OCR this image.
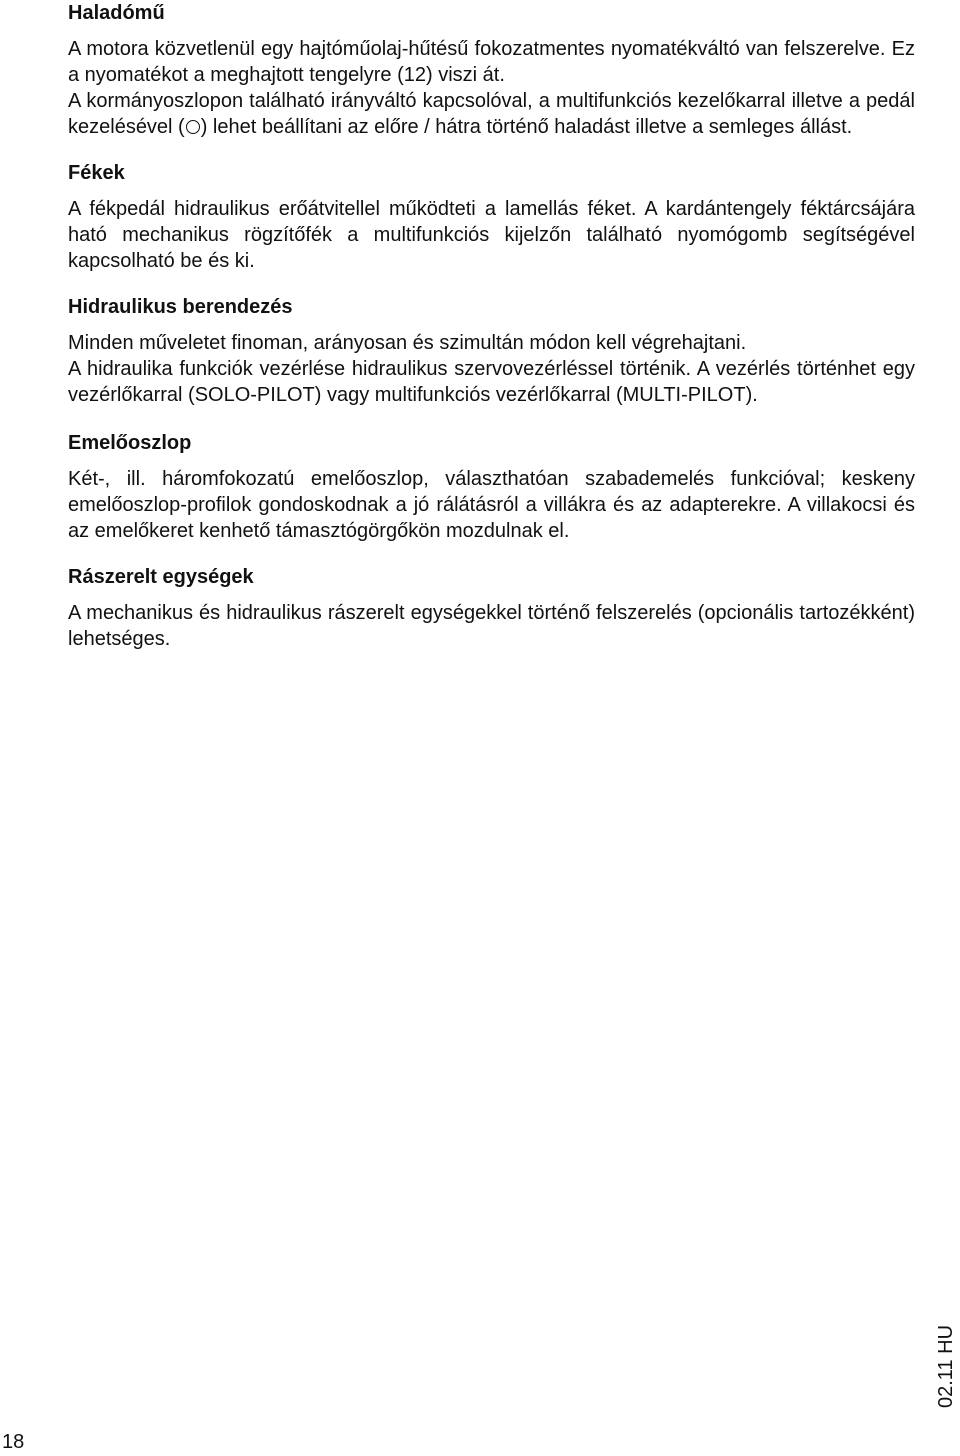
Haladómű

A motora közvetlenül egy hajtóműolaj-hűtésű fokozatmentes nyomatékváltó van felszerelve. Ez a nyomatékot a meghajtott tengelyre (12) viszi át.

A kormányoszlopon található irányváltó kapcsolóval, a multifunkciós kezelőkarral illetve a pedál kezelésével ( ) lehet beállítani az előre / hátra történő haladást illetve a semleges állást.

Fékek

A fékpedál hidraulikus erőátvitellel működteti a lamellás féket. A kardántengely féktárcsájára ható mechanikus rögzítőfék a multifunkciós kijelzőn található nyomógomb segítségével kapcsolható be és ki.

Hidraulikus berendezés

Minden műveletet finoman, arányosan és szimultán módon kell végrehajtani.

A hidraulika funkciók vezérlése hidraulikus szervovezérléssel történik. A vezérlés történhet egy vezérlőkarral (SOLO-PILOT) vagy multifunkciós vezérlőkarral (MULTI-PILOT).

Emelőoszlop

Két-, ill. háromfokozatú emelőoszlop, választhatóan szabademelés funkcióval; keskeny emelőoszlop-profilok gondoskodnak a jó rálátásról a villákra és az adapterekre. A villakocsi és az emelőkeret kenhető támasztógörgőkön mozdulnak el.

Rászerelt egységek

A mechanikus és hidraulikus rászerelt egységekkel történő felszerelés (opcionális tartozékként) lehetséges.

18
02.11 HU
